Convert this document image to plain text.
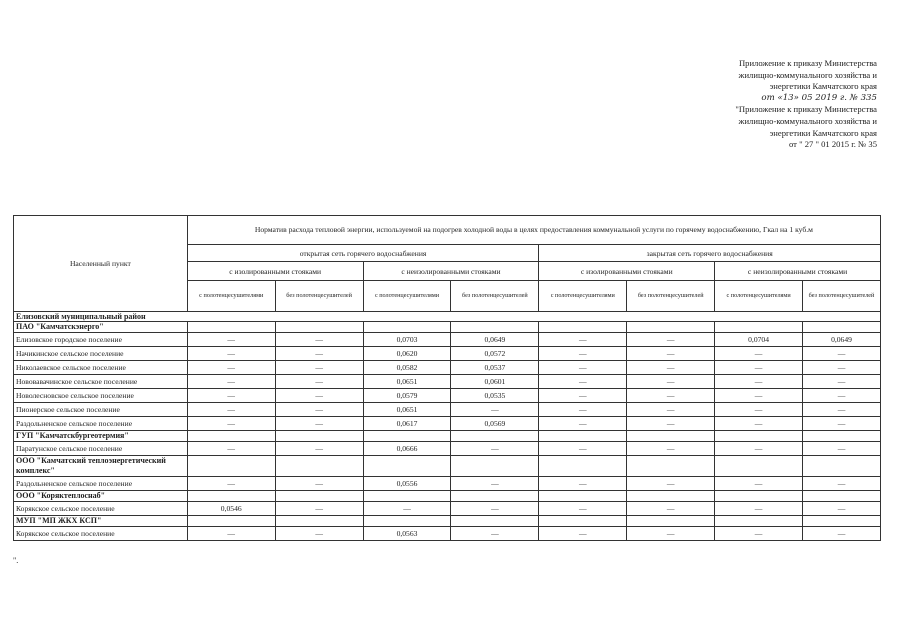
Приложение к приказу Министерства
жилищно-коммунального хозяйства и
энергетики Камчатского края
от «13» 05 2019 г. № 335
"Приложение к приказу Министерства
жилищно-коммунального хозяйства и
энергетики Камчатского края
от " 27 " 01 2015 г. № 35
Населенный пункт	Норматив расхода тепловой энергии, используемой на подогрев холодной воды в целях предоставления коммунальной услуги по горячему водоснабжению, Гкал на 1 куб.м							
	открытая сеть горячего водоснабжения				закрытая сеть горячего водоснабжения			
	с изолированными стояками		с неизолированными стояками		с изолированными стояками		с неизолированными стояками	
	с полотенцесушителями	без полотенцесушителей	с полотенцесушителями	без полотенцесушителей	с полотенцесушителями	без полотенцесушителей	с полотенцесушителями	без полотенцесушителей
Елизовский муниципальный район								
ПАО "Камчатскэнерго"								
Елизовское городское поселение	—	—	0,0703	0,0649	—	—	0,0704	0,0649
Начикинское сельское поселение	—	—	0,0620	0,0572	—	—	—	—
Николаевское сельское поселение	—	—	0,0582	0,0537	—	—	—	—
Нововавачинское сельское поселение	—	—	0,0651	0,0601	—	—	—	—
Новолесновское сельское поселение	—	—	0,0579	0,0535	—	—	—	—
Пионерское сельское поселение	—	—	0,0651	—	—	—	—	—
Раздольненское сельское поселение	—	—	0,0617	0,0569	—	—	—	—
ГУП "Камчатскбургеотермия"								
Паратунское сельское поселение	—	—	0,0666	—	—	—	—	—
ООО "Камчатский теплоэнергетический комплекс"								
Раздольненское сельское поселение	—	—	0,0556	—	—	—	—	—
ООО "Коряктеплоснаб"								
Корякское сельское поселение	0,0546	—	—	—	—	—	—	—
МУП "МП ЖКХ КСП"								
Корякское сельское поселение	—	—	0,0563	—	—	—	—	—
".
